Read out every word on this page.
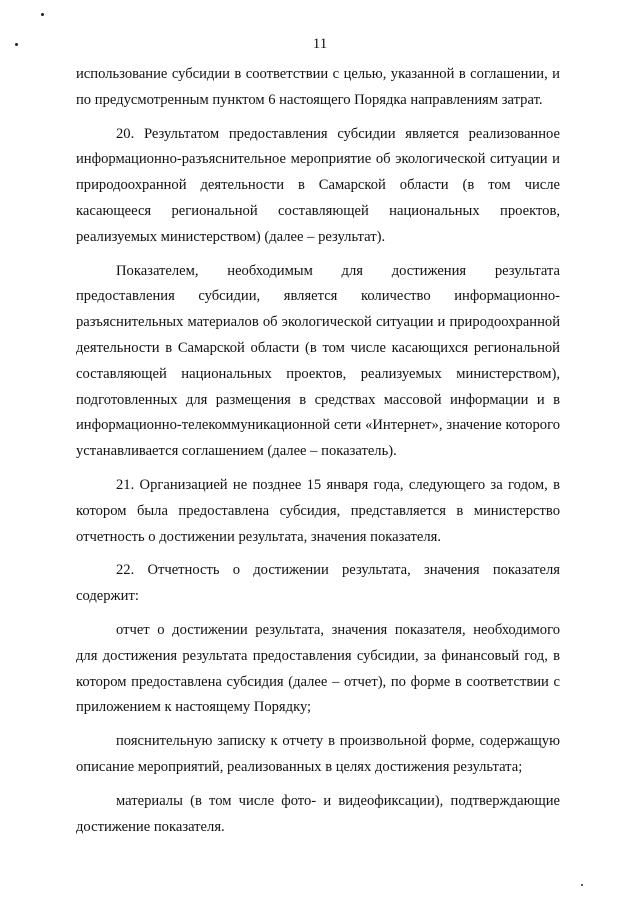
11

использование субсидии в соответствии с целью, указанной в соглашении, и по предусмотренным пунктом 6 настоящего Порядка направлениям затрат.

20. Результатом предоставления субсидии является реализованное информационно-разъяснительное мероприятие об экологической ситуации и природоохранной деятельности в Самарской области (в том числе касающееся региональной составляющей национальных проектов, реализуемых министерством) (далее – результат).

Показателем, необходимым для достижения результата предоставления субсидии, является количество информационно-разъяснительных материалов об экологической ситуации и природоохранной деятельности в Самарской области (в том числе касающихся региональной составляющей национальных проектов, реализуемых министерством), подготовленных для размещения в средствах массовой информации и в информационно-телекоммуникационной сети «Интернет», значение которого устанавливается соглашением (далее – показатель).

21. Организацией не позднее 15 января года, следующего за годом, в котором была предоставлена субсидия, представляется в министерство отчетность о достижении результата, значения показателя.

22. Отчетность о достижении результата, значения показателя содержит:

отчет о достижении результата, значения показателя, необходимого для достижения результата предоставления субсидии, за финансовый год, в котором предоставлена субсидия (далее – отчет), по форме в соответствии с приложением к настоящему Порядку;

пояснительную записку к отчету в произвольной форме, содержащую описание мероприятий, реализованных в целях достижения результата;

материалы (в том числе фото- и видеофиксации), подтверждающие достижение показателя.
